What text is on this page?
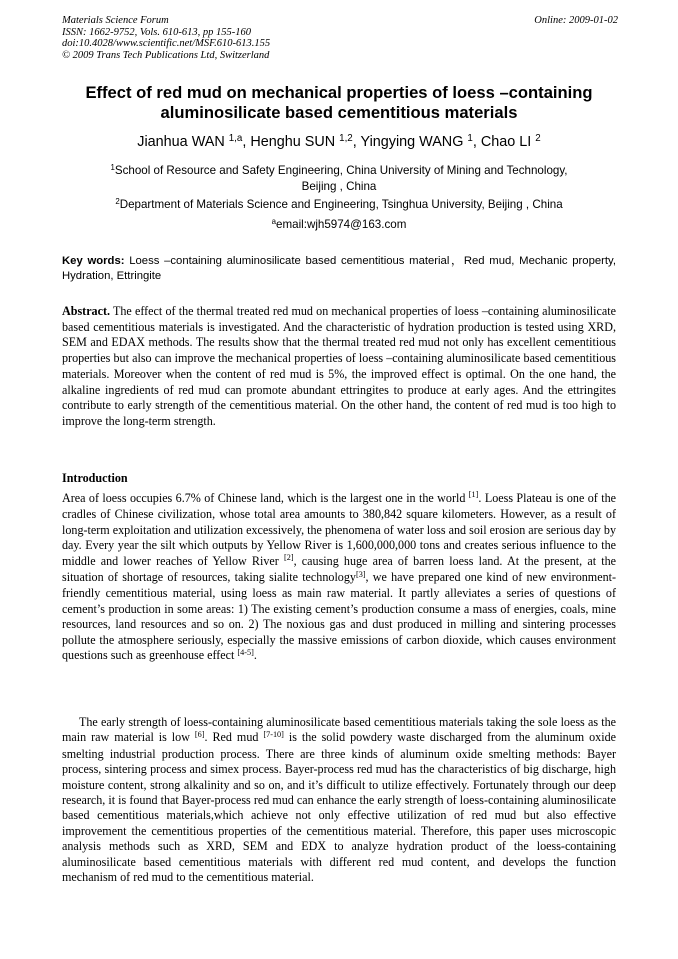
Materials Science Forum
ISSN: 1662-9752, Vols. 610-613, pp 155-160
doi:10.4028/www.scientific.net/MSF.610-613.155
© 2009 Trans Tech Publications Ltd, Switzerland
Online: 2009-01-02
Effect of red mud on mechanical properties of loess –containing
aluminosilicate based cementitious materials
Jianhua WAN $^{1,a}$, Henghu SUN $^{1,2}$, Yingying WANG $^1$, Chao LI $^2$
$^1$School of Resource and Safety Engineering, China University of Mining and Technology,
Beijing , China
$^2$Department of Materials Science and Engineering, Tsinghua University, Beijing , China
$^a$email:wjh5974@163.com

Key words: Loess –containing aluminosilicate based cementitious material，Red mud, Mechanic property, Hydration, Ettringite

Abstract. The effect of the thermal treated red mud on mechanical properties of loess –containing aluminosilicate based cementitious materials is investigated. And the characteristic of hydration production is tested using XRD, SEM and EDAX methods. The results show that the thermal treated red mud not only has excellent cementitious properties but also can improve the mechanical properties of loess –containing aluminosilicate based cementitious materials. Moreover when the content of red mud is 5%, the improved effect is optimal. On the one hand, the alkaline ingredients of red mud can promote abundant ettringites to produce at early ages. And the ettringites contribute to early strength of the cementitious material. On the other hand, the content of red mud is too high to improve the long-term strength.

Introduction

Area of loess occupies 6.7% of Chinese land, which is the largest one in the world [1]. Loess Plateau is one of the cradles of Chinese civilization, whose total area amounts to 380,842 square kilometers. However, as a result of long-term exploitation and utilization excessively, the phenomena of water loss and soil erosion are serious day by day. Every year the silt which outputs by Yellow River is 1,600,000,000 tons and creates serious influence to the middle and lower reaches of Yellow River [2], causing huge area of barren loess land. At the present, at the situation of shortage of resources, taking sialite technology[3], we have prepared one kind of new environment-friendly cementitious material, using loess as main raw material. It partly alleviates a series of questions of cement’s production in some areas: 1) The existing cement’s production consume a mass of energies, coals, mine resources, land resources and so on. 2) The noxious gas and dust produced in milling and sintering processes pollute the atmosphere seriously, especially the massive emissions of carbon dioxide, which causes environment questions such as greenhouse effect [4-5].

The early strength of loess-containing aluminosilicate based cementitious materials taking the sole loess as the main raw material is low [6]. Red mud [7-10] is the solid powdery waste discharged from the aluminum oxide smelting industrial production process. There are three kinds of aluminum oxide smelting methods: Bayer process, sintering process and simex process. Bayer-process red mud has the characteristics of big discharge, high moisture content, strong alkalinity and so on, and it’s difficult to utilize effectively. Fortunately through our deep research, it is found that Bayer-process red mud can enhance the early strength of loess-containing aluminosilicate based cementitious materials,which achieve not only effective utilization of red mud but also effective improvement the cementitious properties of the cementitious material. Therefore, this paper uses microscopic analysis methods such as XRD, SEM and EDX to analyze hydration product of the loess-containing aluminosilicate based cementitious materials with different red mud content, and develops the function mechanism of red mud to the cementitious material.
